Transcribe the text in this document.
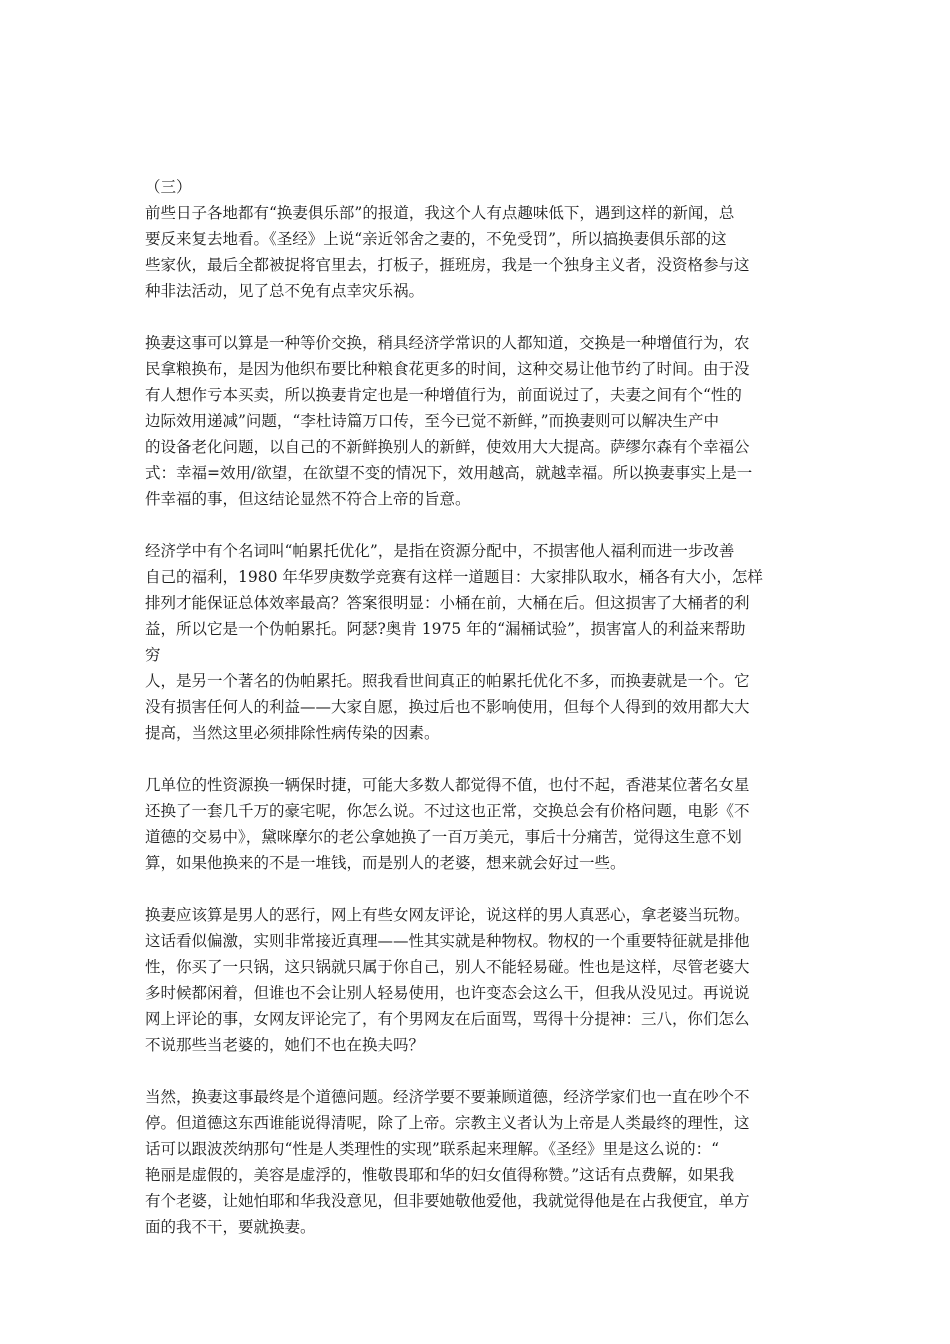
（三）

前些日子各地都有“换妻俱乐部”的报道，我这个人有点趣味低下，遇到这样的新闻，总
要反来复去地看。《圣经》上说“亲近邻舍之妻的，不免受罚”，所以搞换妻俱乐部的这
些家伙，最后全都被捉将官里去，打板子，捱班房，我是一个独身主义者，没资格参与这
种非法活动，见了总不免有点幸灾乐祸。
换妻这事可以算是一种等价交换，稍具经济学常识的人都知道，交换是一种增值行为，农
民拿粮换布，是因为他织布要比种粮食花更多的时间，这种交易让他节约了时间。由于没
有人想作亏本买卖，所以换妻肯定也是一种增值行为，前面说过了，夫妻之间有个“性的
边际效用递减”问题，“李杜诗篇万口传，至今已觉不新鲜，”而换妻则可以解决生产中
的设备老化问题，以自己的不新鲜换别人的新鲜，使效用大大提高。萨缪尔森有个幸福公
式：幸福=效用/欲望，在欲望不变的情况下，效用越高，就越幸福。所以换妻事实上是一
件幸福的事，但这结论显然不符合上帝的旨意。
经济学中有个名词叫“帕累托优化”，是指在资源分配中，不损害他人福利而进一步改善
自己的福利，1980 年华罗庚数学竞赛有这样一道题目：大家排队取水，桶各有大小，怎样
排列才能保证总体效率最高？答案很明显：小桶在前，大桶在后。但这损害了大桶者的利
益，所以它是一个伪帕累托。阿瑟?奥肯 1975 年的“漏桶试验”，损害富人的利益来帮助
穷
人，是另一个著名的伪帕累托。照我看世间真正的帕累托优化不多，而换妻就是一个。它
没有损害任何人的利益——大家自愿，换过后也不影响使用，但每个人得到的效用都大大
提高，当然这里必须排除性病传染的因素。
几单位的性资源换一辆保时捷，可能大多数人都觉得不值，也付不起，香港某位著名女星
还换了一套几千万的豪宅呢，你怎么说。不过这也正常，交换总会有价格问题，电影《不
道德的交易中》，黛咪摩尔的老公拿她换了一百万美元，事后十分痛苦，觉得这生意不划
算，如果他换来的不是一堆钱，而是别人的老婆，想来就会好过一些。
换妻应该算是男人的恶行，网上有些女网友评论，说这样的男人真恶心，拿老婆当玩物。
这话看似偏激，实则非常接近真理——性其实就是种物权。物权的一个重要特征就是排他
性，你买了一只锅，这只锅就只属于你自己，别人不能轻易碰。性也是这样，尽管老婆大
多时候都闲着，但谁也不会让别人轻易使用，也许变态会这么干，但我从没见过。再说说
网上评论的事，女网友评论完了，有个男网友在后面骂，骂得十分提神：三八，你们怎么
不说那些当老婆的，她们不也在换夫吗？
当然，换妻这事最终是个道德问题。经济学要不要兼顾道德，经济学家们也一直在吵个不
停。但道德这东西谁能说得清呢，除了上帝。宗教主义者认为上帝是人类最终的理性，这
话可以跟波茨纳那句“性是人类理性的实现”联系起来理解。《圣经》里是这么说的：“
艳丽是虚假的，美容是虚浮的，惟敬畏耶和华的妇女值得称赞。”这话有点费解，如果我
有个老婆，让她怕耶和华我没意见，但非要她敬他爱他，我就觉得他是在占我便宜，单方
面的我不干，要就换妻。
